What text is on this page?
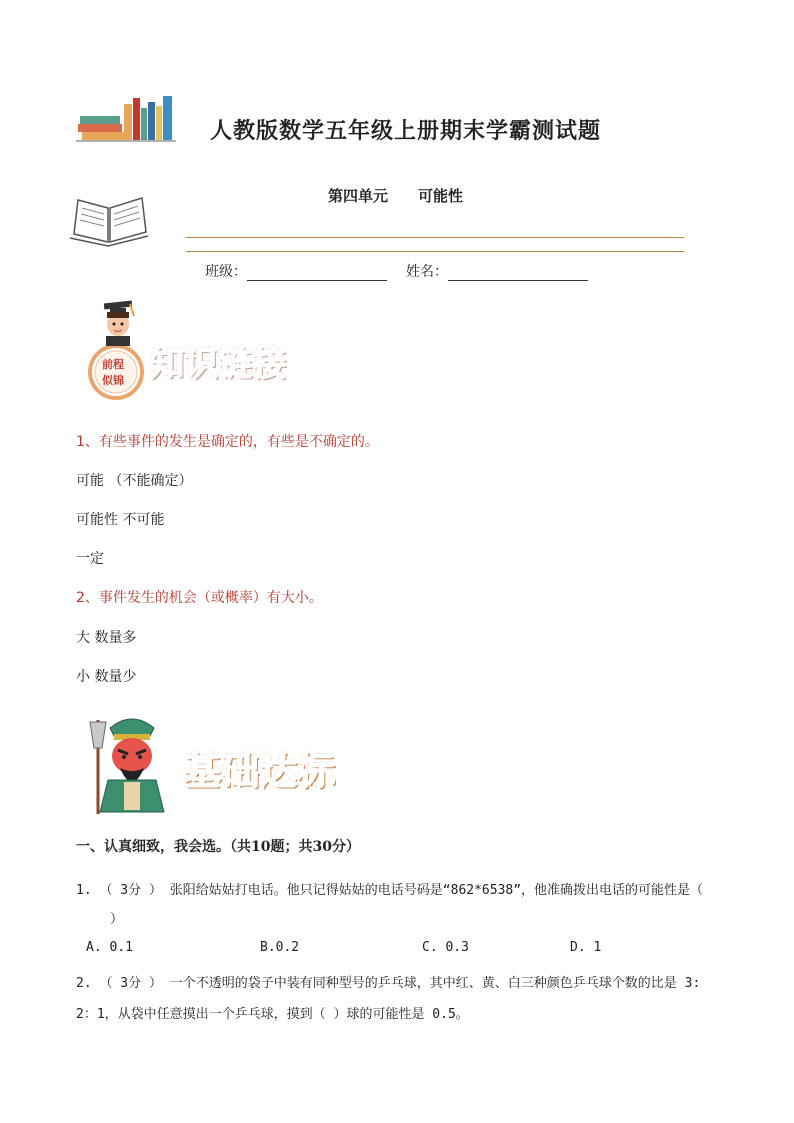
人教版数学五年级上册期末学霸测试题
第四单元 可能性
班级：	姓名：
前程
似锦 知识链接
1、有些事件的发生是确定的，有些是不确定的。
可能 （不能确定）
可能性 不可能
一定
2、事件发生的机会（或概率）有大小。
大 数量多
小 数量少
基础达标
一、认真细致，我会选。（共10题；共30分）
1. （ 3分 ） 张阳给姑姑打电话。他只记得姑姑的电话号码是“862*6538”，他准确拨出电话的可能性是（
）
A. 0.1	B.0.2	C. 0.3	D. 1
2. （ 3分 ） 一个不透明的袋子中装有同种型号的乒乓球，其中红、黄、白三种颜色乒乓球个数的比是 3:
2：1，从袋中任意摸出一个乒乓球，摸到（ ）球的可能性是 0.5。
